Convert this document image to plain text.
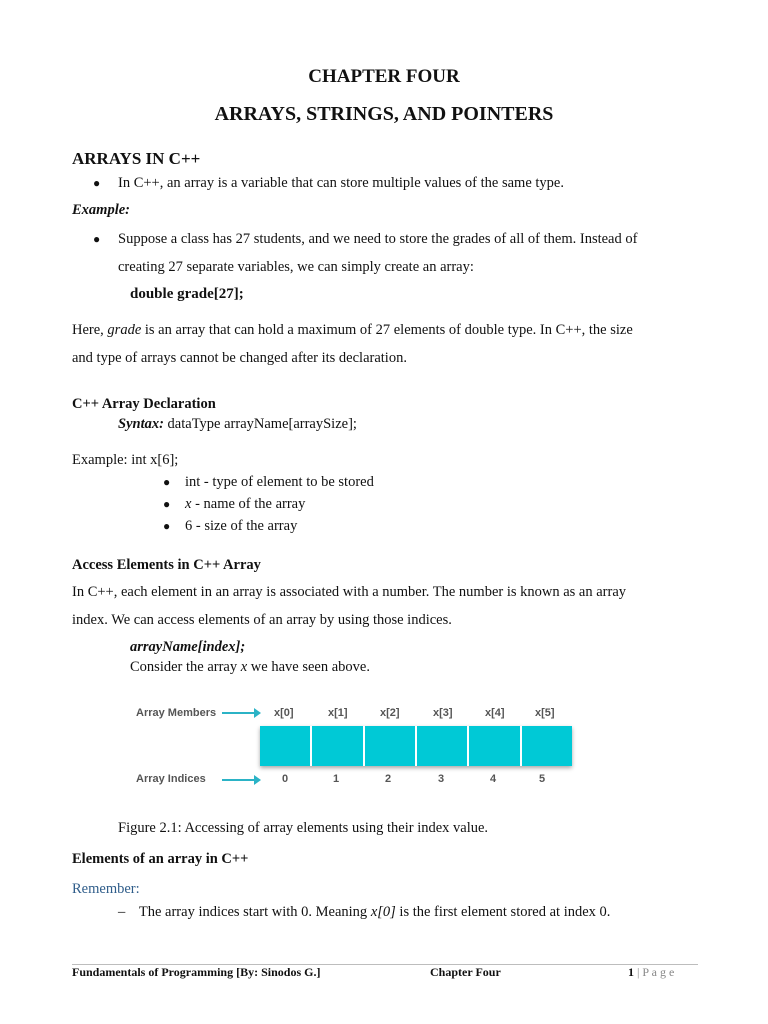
CHAPTER FOUR
ARRAYS, STRINGS, AND POINTERS
ARRAYS IN C++
● In C++, an array is a variable that can store multiple values of the same type.
Example:
● Suppose a class has 27 students, and we need to store the grades of all of them. Instead of
creating 27 separate variables, we can simply create an array:
double grade[27];
Here, grade is an array that can hold a maximum of 27 elements of double type. In C++, the size
and type of arrays cannot be changed after its declaration.
C++ Array Declaration
Syntax: dataType arrayName[arraySize];
Example: int x[6];
● int - type of element to be stored
● x - name of the array
● 6 - size of the array
Access Elements in C++ Array
In C++, each element in an array is associated with a number. The number is known as an array
index. We can access elements of an array by using those indices.
arrayName[index];
Consider the array x we have seen above.
Array Members
Array Indices
x[0]	x[1]	x[2]	x[3]	x[4]	x[5]
0	1	2	3	4	5
Figure 2.1: Accessing of array elements using their index value.
Elements of an array in C++
Remember:
– The array indices start with 0. Meaning x[0] is the first element stored at index 0.
Fundamentals of Programming [By: Sinodos G.]	Chapter Four	1 | P a g e
